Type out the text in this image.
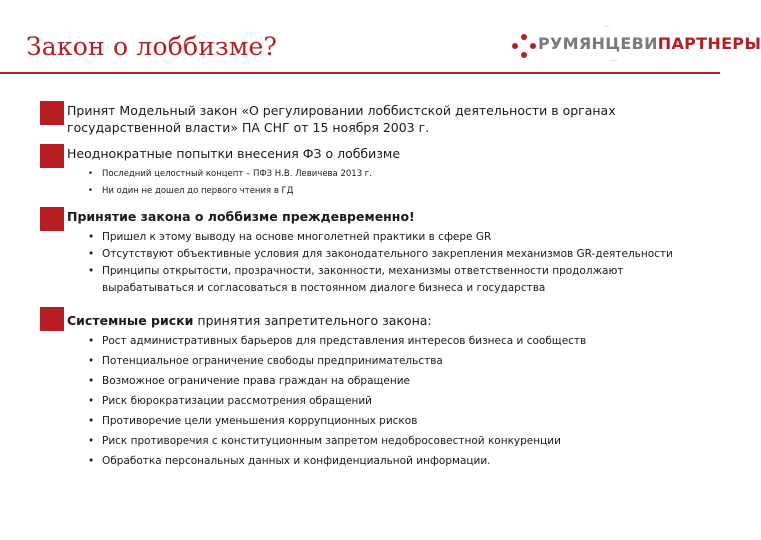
Закон о лоббизме?
...
РУМЯНЦЕВИПАРТНЕРЫ
...
Принят Модельный закон «О регулировании лоббистской деятельности в органах государственной власти» ПА СНГ от 15 ноября 2003 г.
Неоднократные попытки внесения ФЗ о лоббизме
• Последний целостный концепт – ПФЗ Н.В. Левичева 2013 г.
• Ни один не дошел до первого чтения в ГД
Принятие закона о лоббизме преждевременно!
• Пришел к этому выводу на основе многолетней практики в сфере GR
• Отсутствуют объективные условия для законодательного закрепления механизмов GR-деятельности
• Принципы открытости, прозрачности, законности, механизмы ответственности продолжают вырабатываться и согласоваться в постоянном диалоге бизнеса и государства
Системные риски принятия запретительного закона:
• Рост административных барьеров для представления интересов бизнеса и сообществ
• Потенциальное ограничение свободы предпринимательства
• Возможное ограничение права граждан на обращение
• Риск бюрократизации рассмотрения обращений
• Противоречие цели уменьшения коррупционных рисков
• Риск противоречия с конституционным запретом недобросовестной конкуренции
• Обработка персональных данных и конфиденциальной информации.
